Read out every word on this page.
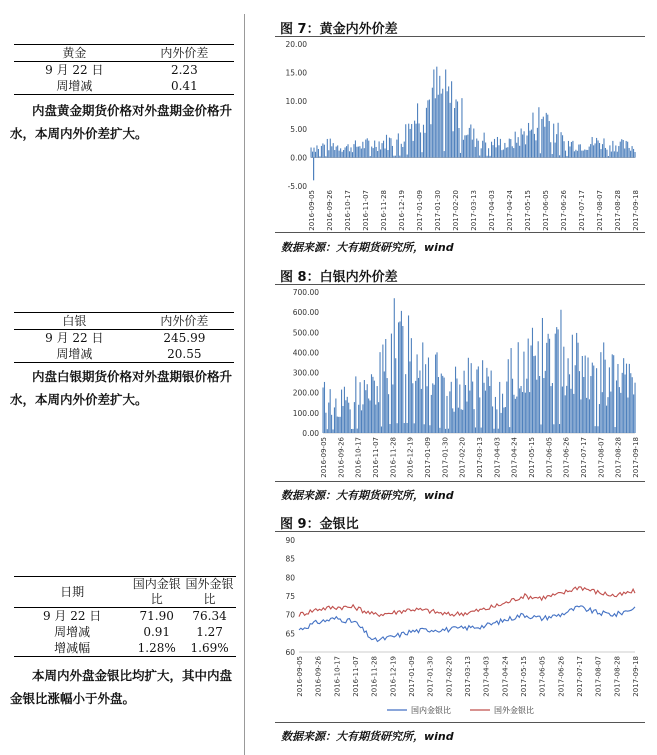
黄金	内外价差
9 月 22 日	2.23
周增减	0.41
内盘黄金期货价格对外盘期金价格升水，本周内外价差扩大。
白银	内外价差
9 月 22 日	245.99
周增减	20.55
内盘白银期货价格对外盘期银价格升水，本周内外价差扩大。
日期	国内金银比	国外金银比
9 月 22 日	71.90	76.34
周增减	0.91	1.27
增减幅	1.28%	1.69%
本周内外盘金银比均扩大，其中内盘金银比涨幅小于外盘。
图 7：黄金内外价差
20.00
15.00
10.00
5.00
0.00
-5.00
2016-09-05 2016-09-26 2016-10-17 2016-11-07 2016-11-28 2016-12-19 2017-01-09 2017-01-30 2017-02-20 2017-03-13 2017-04-03 2017-04-24 2017-05-15 2017-06-05 2017-06-26 2017-07-17 2017-08-07 2017-08-28 2017-09-18
数据来源：大有期货研究所，wind
图 8：白银内外价差
700.00
600.00
500.00
400.00
300.00
200.00
100.00
0.00
2016-09-05 2016-09-26 2016-10-17 2016-11-07 2016-11-28 2016-12-19 2017-01-09 2017-01-30 2017-02-20 2017-03-13 2017-04-03 2017-04-24 2017-05-15 2017-06-05 2017-06-26 2017-07-17 2017-08-07 2017-08-28 2017-09-18
数据来源：大有期货研究所，wind
图 9：金银比
90
85
80
75
70
65
60
2016-09-05 2016-09-26 2016-10-17 2016-11-07 2016-11-28 2016-12-19 2017-01-09 2017-01-30 2017-02-20 2017-03-13 2017-04-03 2017-04-24 2017-05-15 2017-06-05 2017-06-26 2017-07-17 2017-08-07 2017-08-28 2017-09-18
国内金银比	国外金银比
数据来源：大有期货研究所，wind
